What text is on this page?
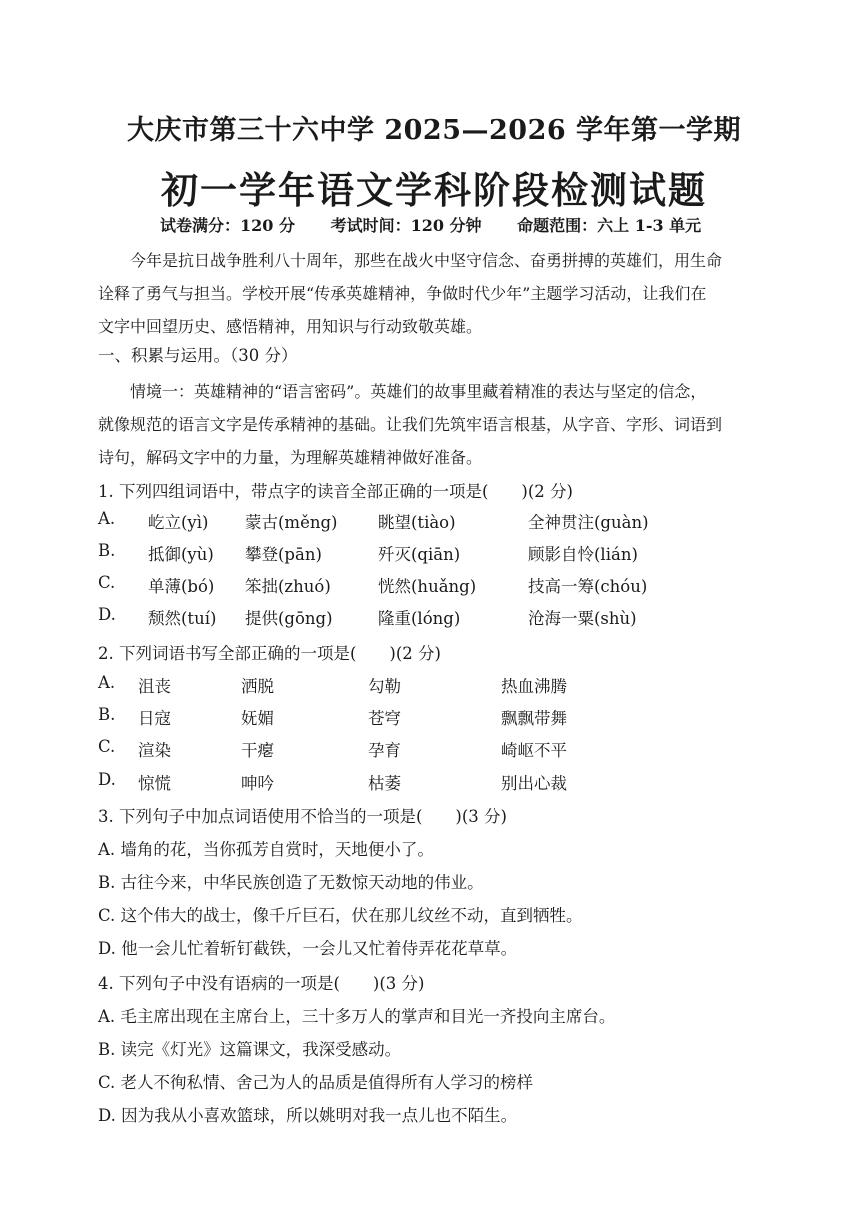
大庆市第三十六中学 2025—2026 学年第一学期
初一学年语文学科阶段检测试题
试卷满分：120 分 考试时间：120 分钟 命题范围：六上 1-3 单元
今年是抗日战争胜利八十周年，那些在战火中坚守信念、奋勇拼搏的英雄们，用生命
诠释了勇气与担当。学校开展“传承英雄精神，争做时代少年”主题学习活动，让我们在
文字中回望历史、感悟精神，用知识与行动致敬英雄。
一、积累与运用。（30 分）
情境一：英雄精神的“语言密码”。英雄们的故事里藏着精准的表达与坚定的信念，
就像规范的语言文字是传承精神的基础。让我们先筑牢语言根基，从字音、字形、词语到
诗句，解码文字中的力量，为理解英雄精神做好准备。
1. 下列四组词语中，带点字的读音全部正确的一项是(　　)(2 分)
A. 屹立(yì) 蒙古(měng) 眺望(tiào)	全神贯注(guàn)
B. 抵御(yù) 攀登(pān)	歼灭(qiān)	顾影自怜(lián)
C. 单薄(bó) 笨拙(zhuó)	恍然(huǎng)	技高一筹(chóu)
D. 颓然(tuí) 提供(gōng)	隆重(lóng)	沧海一粟(shù)
2. 下列词语书写全部正确的一项是(　　)(2 分)
A. 沮丧	洒脱	勾勒	热血沸腾
B. 日寇	妩媚	苍穹	飘飘带舞
C. 渲染	干瘪	孕育	崎岖不平
D. 惊慌	呻吟	枯萎	别出心裁
3. 下列句子中加点词语使用不恰当的一项是(　　)(3 分)
A. 墙角的花，当你孤芳自赏时，天地便小了。
B. 古往今来，中华民族创造了无数惊天动地的伟业。
C. 这个伟大的战士，像千斤巨石，伏在那儿纹丝不动，直到牺牲。
D. 他一会儿忙着斩钉截铁，一会儿又忙着侍弄花花草草。
4. 下列句子中没有语病的一项是(　　)(3 分)
A. 毛主席出现在主席台上，三十多万人的掌声和目光一齐投向主席台。
B. 读完《灯光》这篇课文，我深受感动。
C. 老人不徇私情、舍己为人的品质是值得所有人学习的榜样
D. 因为我从小喜欢篮球，所以姚明对我一点儿也不陌生。
